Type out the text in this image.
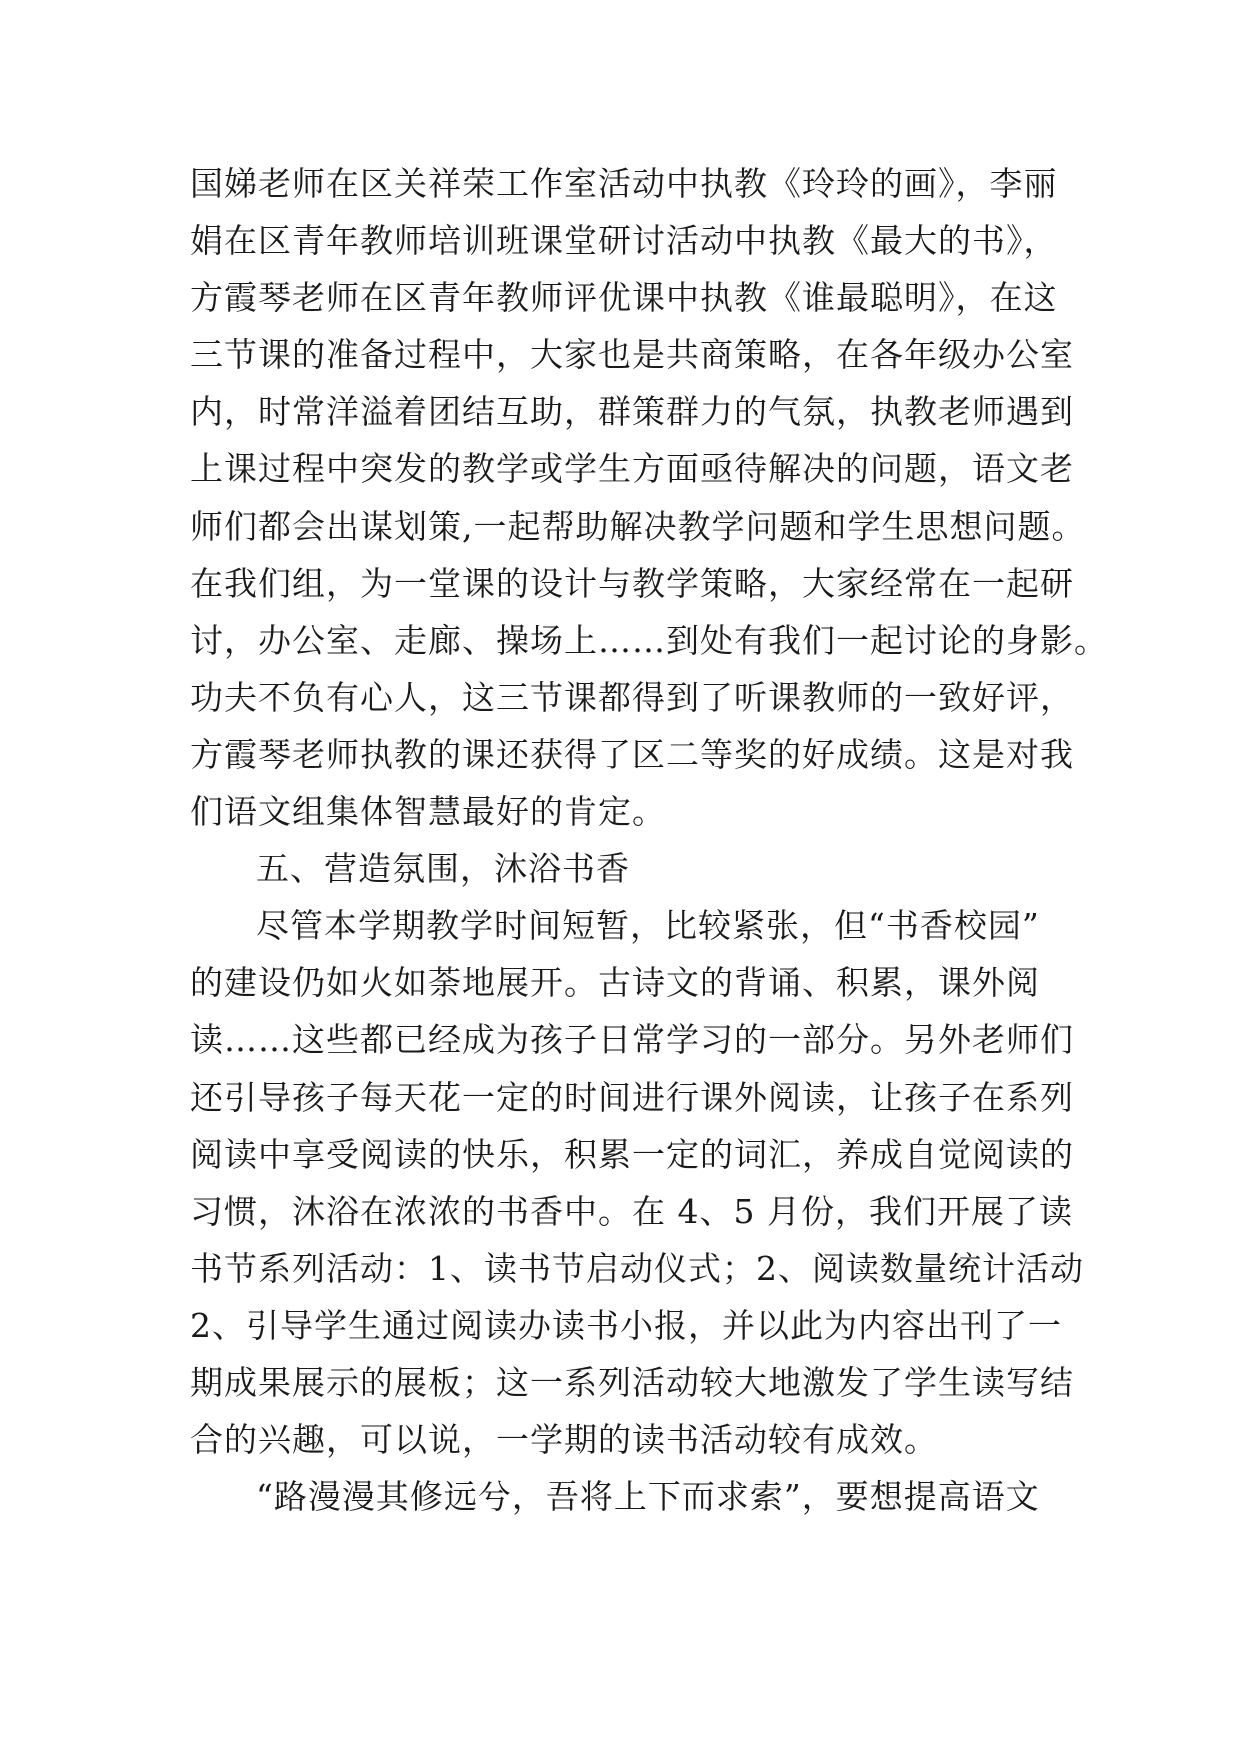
国娣老师在区关祥荣工作室活动中执教《玲玲的画》，李丽
娟在区青年教师培训班课堂研讨活动中执教《最大的书》，
方霞琴老师在区青年教师评优课中执教《谁最聪明》，在这
三节课的准备过程中，大家也是共商策略，在各年级办公室
内，时常洋溢着团结互助，群策群力的气氛，执教老师遇到
上课过程中突发的教学或学生方面亟待解决的问题，语文老
师们都会出谋划策,一起帮助解决教学问题和学生思想问题。
在我们组，为一堂课的设计与教学策略，大家经常在一起研
讨，办公室、走廊、操场上……到处有我们一起讨论的身影。
功夫不负有心人，这三节课都得到了听课教师的一致好评，
方霞琴老师执教的课还获得了区二等奖的好成绩。这是对我
们语文组集体智慧最好的肯定。
五、营造氛围，沐浴书香
尽管本学期教学时间短暂，比较紧张，但“书香校园”
的建设仍如火如荼地展开。古诗文的背诵、积累，课外阅
读……这些都已经成为孩子日常学习的一部分。另外老师们
还引导孩子每天花一定的时间进行课外阅读，让孩子在系列
阅读中享受阅读的快乐，积累一定的词汇，养成自觉阅读的
习惯，沐浴在浓浓的书香中。在 4、5 月份，我们开展了读
书节系列活动：1、读书节启动仪式；2、阅读数量统计活动
2、引导学生通过阅读办读书小报，并以此为内容出刊了一
期成果展示的展板；这一系列活动较大地激发了学生读写结
合的兴趣，可以说，一学期的读书活动较有成效。
“路漫漫其修远兮，吾将上下而求索”，要想提高语文
